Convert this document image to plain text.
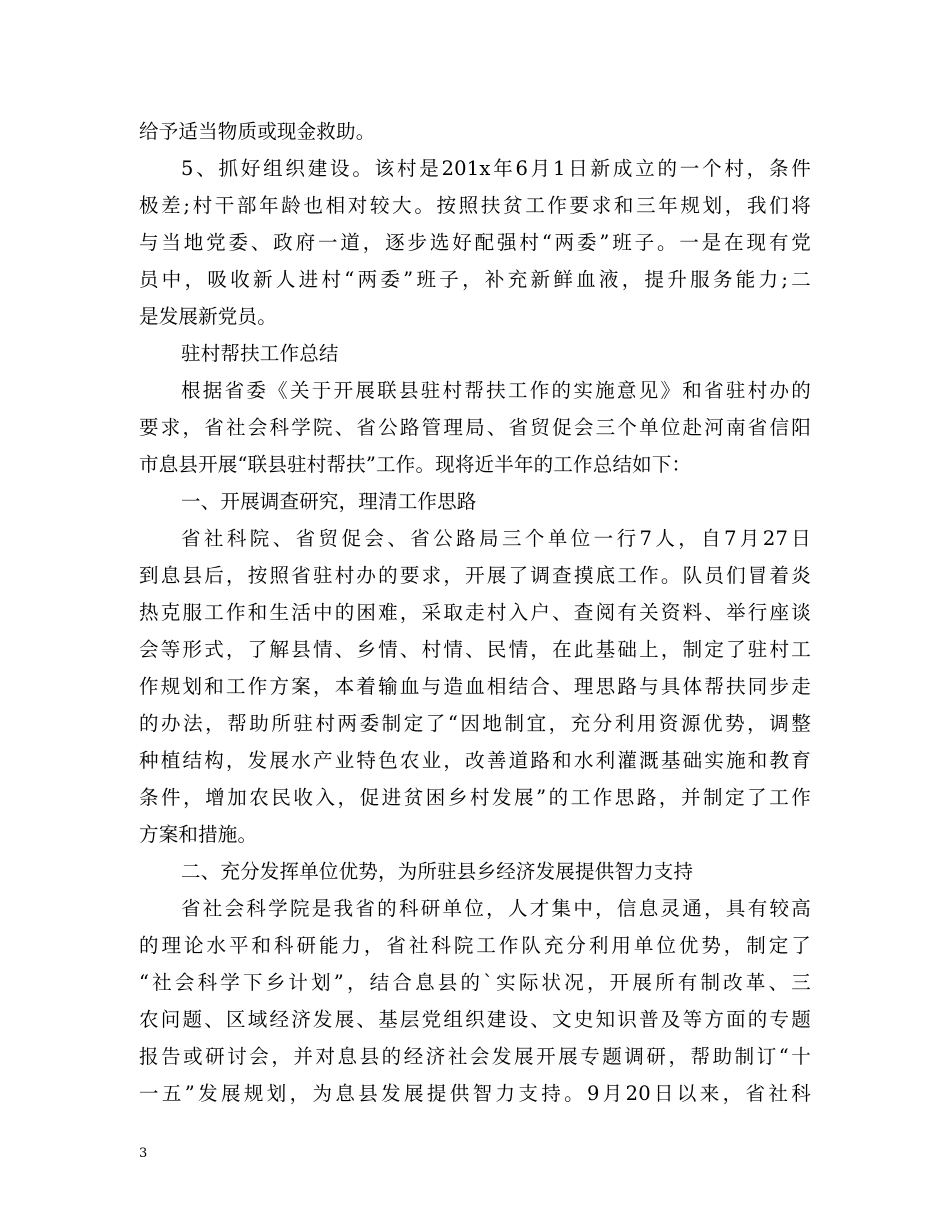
给予适当物质或现金救助。
5、抓好组织建设。该村是201x年6月1日新成立的一个村，条件
极差;村干部年龄也相对较大。按照扶贫工作要求和三年规划，我们将
与当地党委、政府一道，逐步选好配强村“两委”班子。一是在现有党
员中，吸收新人进村“两委”班子，补充新鲜血液，提升服务能力;二
是发展新党员。
驻村帮扶工作总结
根据省委《关于开展联县驻村帮扶工作的实施意见》和省驻村办的
要求，省社会科学院、省公路管理局、省贸促会三个单位赴河南省信阳
市息县开展“联县驻村帮扶”工作。现将近半年的工作总结如下：
一、开展调查研究，理清工作思路
省社科院、省贸促会、省公路局三个单位一行7人，自7月27日
到息县后，按照省驻村办的要求，开展了调查摸底工作。队员们冒着炎
热克服工作和生活中的困难，采取走村入户、查阅有关资料、举行座谈
会等形式，了解县情、乡情、村情、民情，在此基础上，制定了驻村工
作规划和工作方案，本着输血与造血相结合、理思路与具体帮扶同步走
的办法，帮助所驻村两委制定了“因地制宜，充分利用资源优势，调整
种植结构，发展水产业特色农业，改善道路和水利灌溉基础实施和教育
条件，增加农民收入，促进贫困乡村发展”的工作思路，并制定了工作
方案和措施。
二、充分发挥单位优势，为所驻县乡经济发展提供智力支持
省社会科学院是我省的科研单位，人才集中，信息灵通，具有较高
的理论水平和科研能力，省社科院工作队充分利用单位优势，制定了
“社会科学下乡计划”，结合息县的`实际状况，开展所有制改革、三
农问题、区域经济发展、基层党组织建设、文史知识普及等方面的专题
报告或研讨会，并对息县的经济社会发展开展专题调研，帮助制订“十
一五”发展规划，为息县发展提供智力支持。9月20日以来，省社科
3
